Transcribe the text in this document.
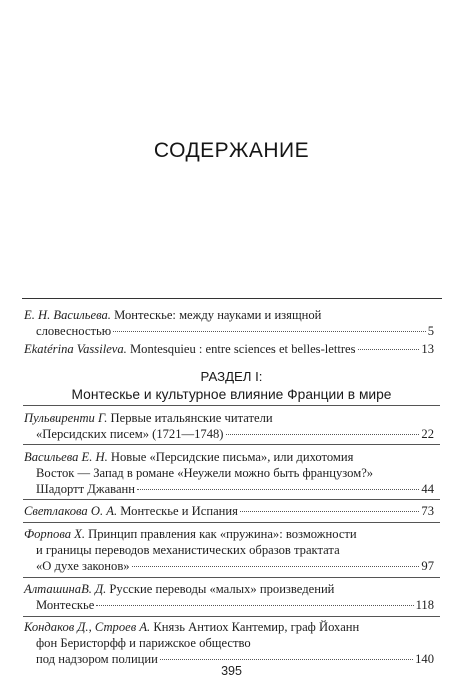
СОДЕРЖАНИЕ
Е. Н. Васильева.
Монтескье: между науками и изящной
словесностью	5
Ekatérina Vassileva.
Montesquieu : entre sciences et belles-lettres	13
РАЗДЕЛ I:
Монтескье и культурное влияние Франции в мире
Пульвиренти Г.
Первые итальянские читатели
«Персидских писем» (1721—1748)	22
Васильева Е. Н.
Новые «Персидские письма», или дихотомия
Восток — Запад в романе «Неужели можно быть французом?»
Шадортт Джаванн	44
Светлакова О. А.
Монтескье и Испания	73
Форпова Х.
Принцип правления как «пружина»: возможности
и границы переводов механистических образов трактата
«О духе законов»	97
АлташинаВ. Д.
Русские переводы «малых» произведений
Монтескье	118
Кондаков Д., Строев А.
Князь Антиох Кантемир, граф Йоханн
фон Беристорфф и парижское общество
под надзором полиции	140
395
